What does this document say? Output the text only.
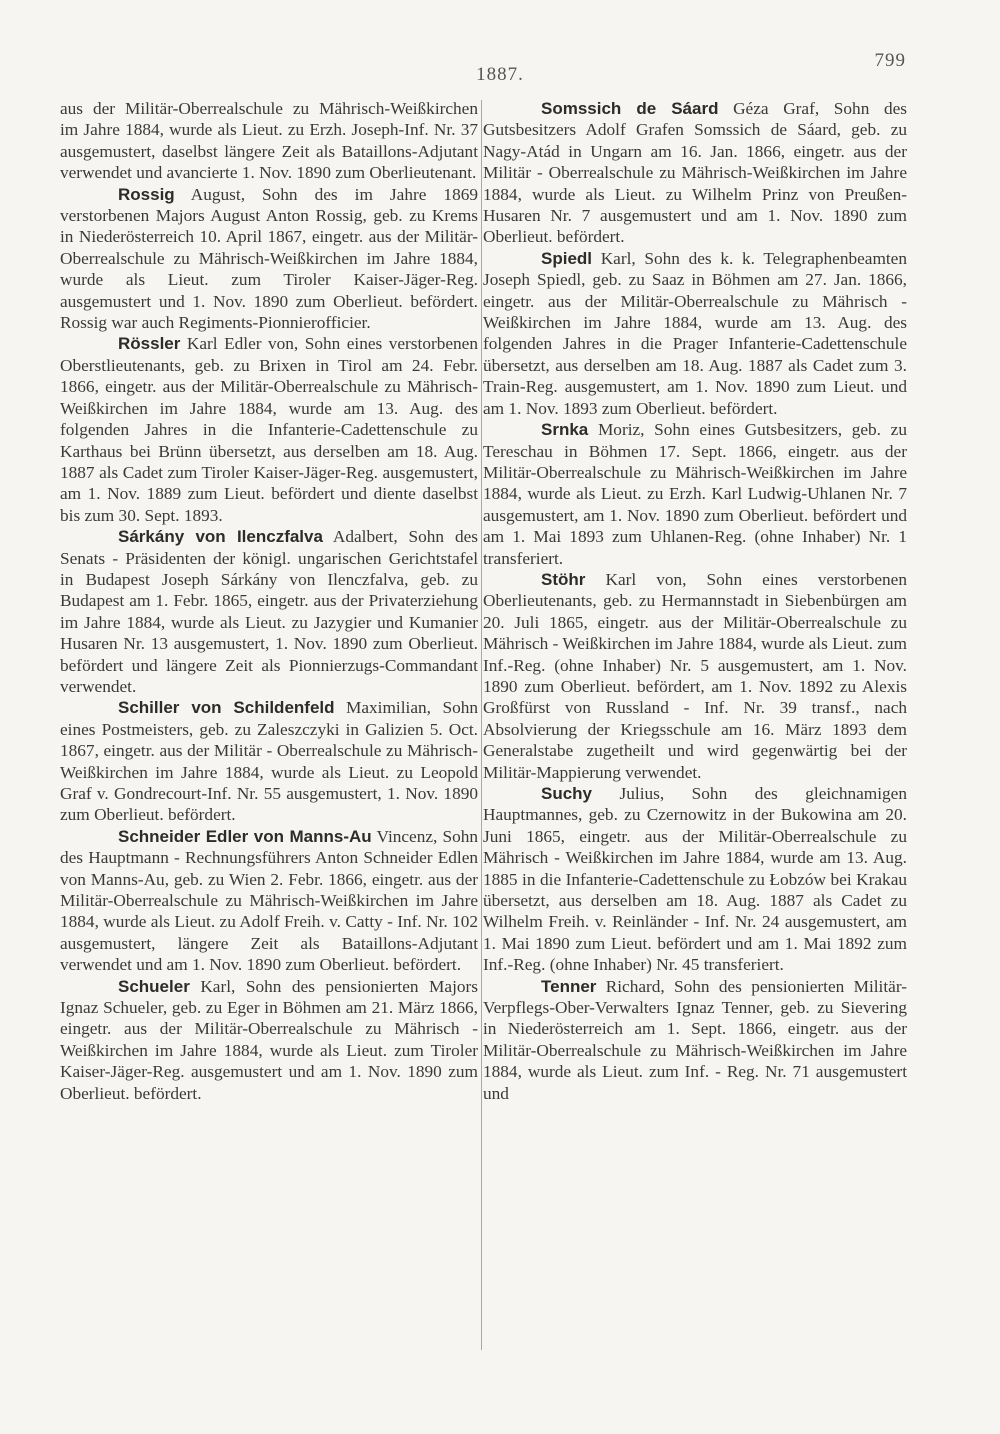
1887.
799

aus der Militär-Oberrealschule zu Mährisch-Weißkirchen im Jahre 1884, wurde als Lieut. zu Erzh. Joseph-Inf. Nr. 37 ausgemustert, daselbst längere Zeit als Bataillons-Adjutant verwendet und avancierte 1. Nov. 1890 zum Oberlieutenant.

Rossig August, Sohn des im Jahre 1869 verstorbenen Majors August Anton Rossig, geb. zu Krems in Niederösterreich 10. April 1867, eingetr. aus der Militär-Oberrealschule zu Mährisch-Weißkirchen im Jahre 1884, wurde als Lieut. zum Tiroler Kaiser-Jäger-Reg. ausgemustert und 1. Nov. 1890 zum Oberlieut. befördert. Rossig war auch Regiments-Pionnierofficier.

Rössler Karl Edler von, Sohn eines verstorbenen Oberstlieutenants, geb. zu Brixen in Tirol am 24. Febr. 1866, eingetr. aus der Militär-Oberrealschule zu Mährisch-Weißkirchen im Jahre 1884, wurde am 13. Aug. des folgenden Jahres in die Infanterie-Cadettenschule zu Karthaus bei Brünn übersetzt, aus derselben am 18. Aug. 1887 als Cadet zum Tiroler Kaiser-Jäger-Reg. ausgemustert, am 1. Nov. 1889 zum Lieut. befördert und diente daselbst bis zum 30. Sept. 1893.

Sárkány von Ilenczfalva Adalbert, Sohn des Senats - Präsidenten der königl. ungarischen Gerichtstafel in Budapest Joseph Sárkány von Ilenczfalva, geb. zu Budapest am 1. Febr. 1865, eingetr. aus der Privaterziehung im Jahre 1884, wurde als Lieut. zu Jazygier und Kumanier Husaren Nr. 13 ausgemustert, 1. Nov. 1890 zum Oberlieut. befördert und längere Zeit als Pionnierzugs-Commandant verwendet.

Schiller von Schildenfeld Maximilian, Sohn eines Postmeisters, geb. zu Zaleszczyki in Galizien 5. Oct. 1867, eingetr. aus der Militär - Oberrealschule zu Mährisch-Weißkirchen im Jahre 1884, wurde als Lieut. zu Leopold Graf v. Gondrecourt-Inf. Nr. 55 ausgemustert, 1. Nov. 1890 zum Oberlieut. befördert.

Schneider Edler von Manns-Au Vincenz, Sohn des Hauptmann - Rechnungsführers Anton Schneider Edlen von Manns-Au, geb. zu Wien 2. Febr. 1866, eingetr. aus der Militär-Oberrealschule zu Mährisch-Weißkirchen im Jahre 1884, wurde als Lieut. zu Adolf Freih. v. Catty - Inf. Nr. 102 ausgemustert, längere Zeit als Bataillons-Adjutant verwendet und am 1. Nov. 1890 zum Oberlieut. befördert.

Schueler Karl, Sohn des pensionierten Majors Ignaz Schueler, geb. zu Eger in Böhmen am 21. März 1866, eingetr. aus der Militär-Oberrealschule zu Mährisch - Weißkirchen im Jahre 1884, wurde als Lieut. zum Tiroler Kaiser-Jäger-Reg. ausgemustert und am 1. Nov. 1890 zum Oberlieut. befördert.

Somssich de Sáard Géza Graf, Sohn des Gutsbesitzers Adolf Grafen Somssich de Sáard, geb. zu Nagy-Atád in Ungarn am 16. Jan. 1866, eingetr. aus der Militär - Oberrealschule zu Mährisch-Weißkirchen im Jahre 1884, wurde als Lieut. zu Wilhelm Prinz von Preußen-Husaren Nr. 7 ausgemustert und am 1. Nov. 1890 zum Oberlieut. befördert.

Spiedl Karl, Sohn des k. k. Telegraphenbeamten Joseph Spiedl, geb. zu Saaz in Böhmen am 27. Jan. 1866, eingetr. aus der Militär-Oberrealschule zu Mährisch - Weißkirchen im Jahre 1884, wurde am 13. Aug. des folgenden Jahres in die Prager Infanterie-Cadettenschule übersetzt, aus derselben am 18. Aug. 1887 als Cadet zum 3. Train-Reg. ausgemustert, am 1. Nov. 1890 zum Lieut. und am 1. Nov. 1893 zum Oberlieut. befördert.

Srnka Moriz, Sohn eines Gutsbesitzers, geb. zu Tereschau in Böhmen 17. Sept. 1866, eingetr. aus der Militär-Oberrealschule zu Mährisch-Weißkirchen im Jahre 1884, wurde als Lieut. zu Erzh. Karl Ludwig-Uhlanen Nr. 7 ausgemustert, am 1. Nov. 1890 zum Oberlieut. befördert und am 1. Mai 1893 zum Uhlanen-Reg. (ohne Inhaber) Nr. 1 transferiert.

Stöhr Karl von, Sohn eines verstorbenen Oberlieutenants, geb. zu Hermannstadt in Siebenbürgen am 20. Juli 1865, eingetr. aus der Militär-Oberrealschule zu Mährisch - Weißkirchen im Jahre 1884, wurde als Lieut. zum Inf.-Reg. (ohne Inhaber) Nr. 5 ausgemustert, am 1. Nov. 1890 zum Oberlieut. befördert, am 1. Nov. 1892 zu Alexis Großfürst von Russland - Inf. Nr. 39 transf., nach Absolvierung der Kriegsschule am 16. März 1893 dem Generalstabe zugetheilt und wird gegenwärtig bei der Militär-Mappierung verwendet.

Suchy Julius, Sohn des gleichnamigen Hauptmannes, geb. zu Czernowitz in der Bukowina am 20. Juni 1865, eingetr. aus der Militär-Oberrealschule zu Mährisch - Weißkirchen im Jahre 1884, wurde am 13. Aug. 1885 in die Infanterie-Cadettenschule zu Łobzów bei Krakau übersetzt, aus derselben am 18. Aug. 1887 als Cadet zu Wilhelm Freih. v. Reinländer - Inf. Nr. 24 ausgemustert, am 1. Mai 1890 zum Lieut. befördert und am 1. Mai 1892 zum Inf.-Reg. (ohne Inhaber) Nr. 45 transferiert.

Tenner Richard, Sohn des pensionierten Militär-Verpflegs-Ober-Verwalters Ignaz Tenner, geb. zu Sievering in Niederösterreich am 1. Sept. 1866, eingetr. aus der Militär-Oberrealschule zu Mährisch-Weißkirchen im Jahre 1884, wurde als Lieut. zum Inf. - Reg. Nr. 71 ausgemustert und
